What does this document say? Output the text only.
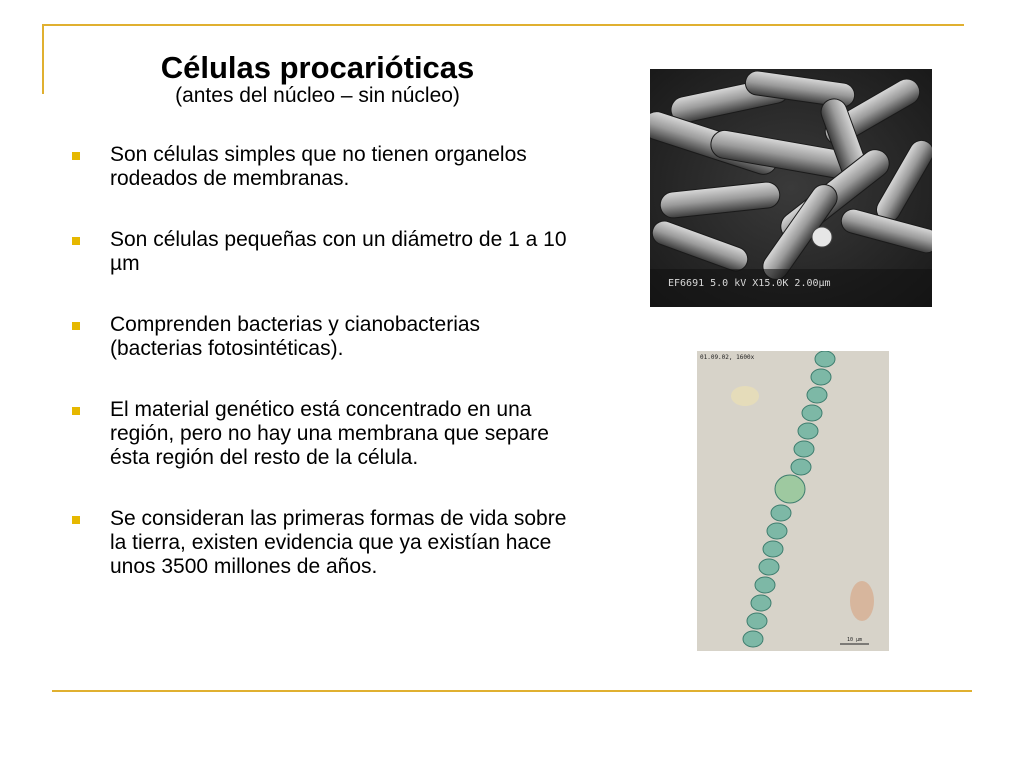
Células procarióticas
(antes del núcleo – sin núcleo)
Son células simples que no tienen organelos rodeados de membranas.
Son células pequeñas con un diámetro de 1 a 10 µm
Comprenden bacterias y cianobacterias (bacterias fotosintéticas).
El material genético está concentrado en una región, pero no hay una membrana que separe ésta región del resto de la célula.
Se consideran las primeras formas de vida sobre la tierra, existen evidencia que ya existían hace unos 3500 millones de años.
EF6691 5.0 kV X15.0K 2.00µm
01.09.02, 1600x
10 µm
